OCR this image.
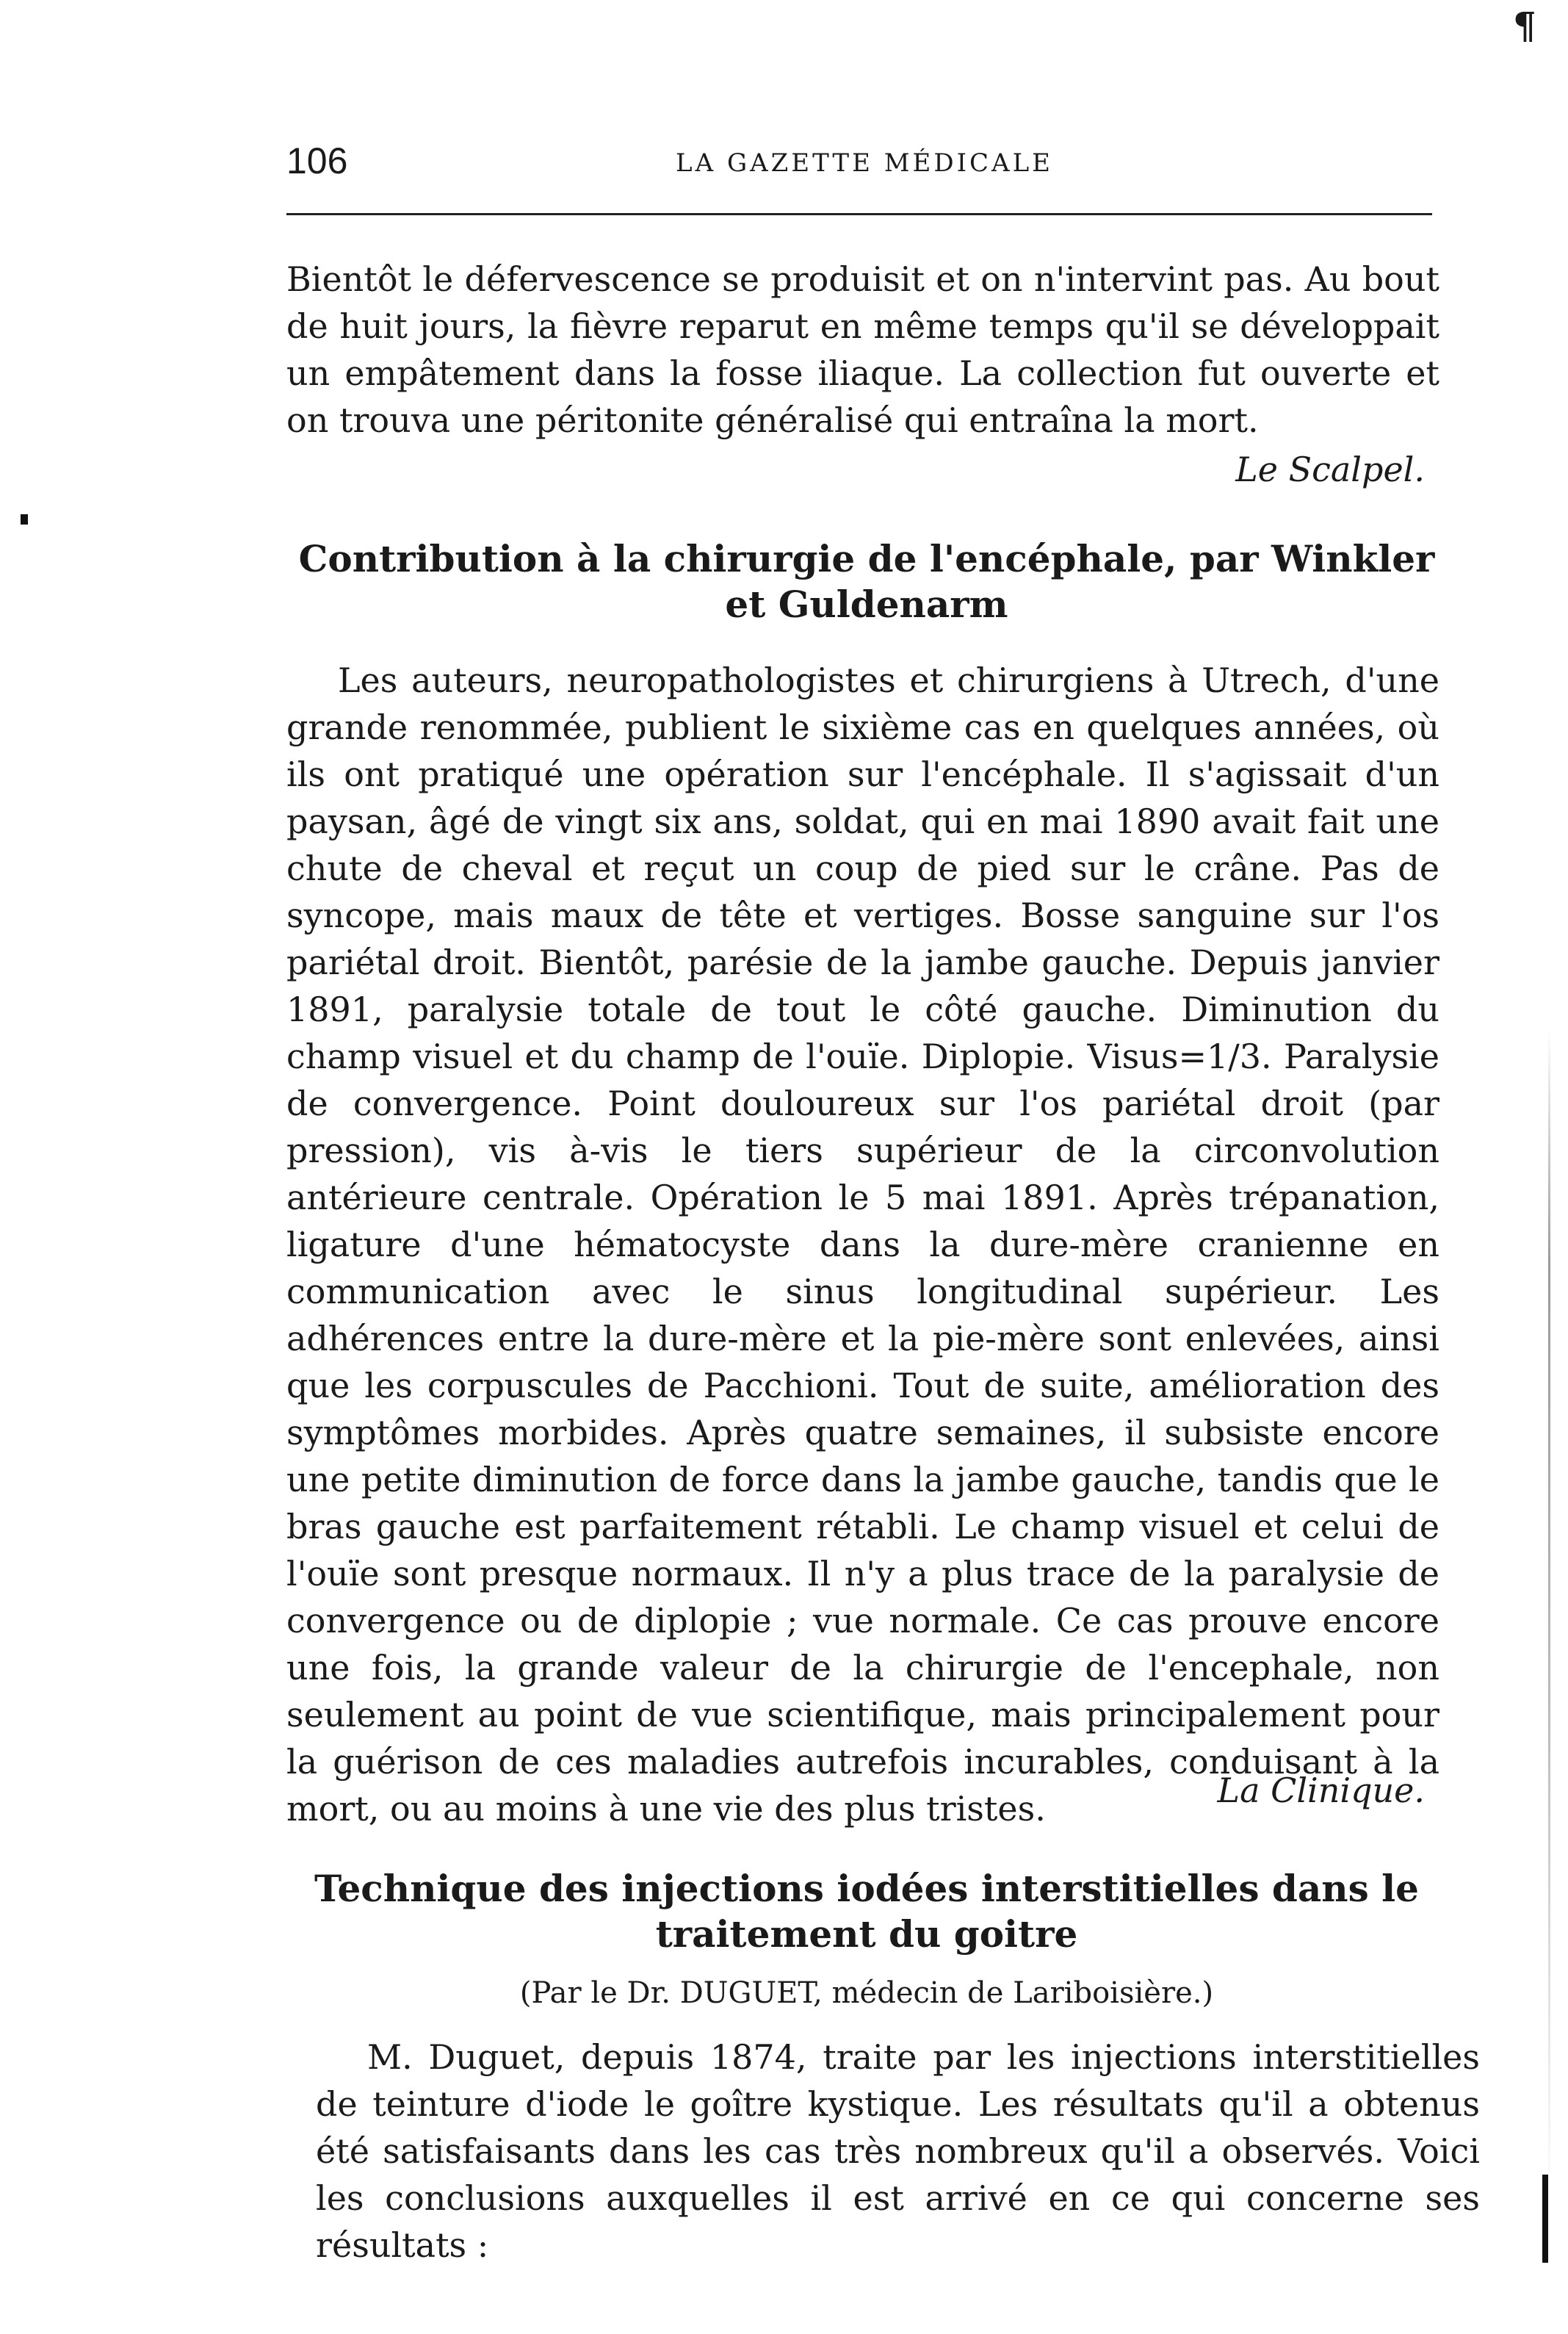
¶
106	LA GAZETTE MÉDICALE

Bientôt le défervescence se produisit et on n'intervint pas. Au bout de huit jours, la fièvre reparut en même temps qu'il se développait un empâtement dans la fosse iliaque. La collection fut ouverte et on trouva une péritonite généralisé qui entraîna la mort.

Le Scalpel.
Contribution à la chirurgie de l'encéphale, par Winkler et Guldenarm

Les auteurs, neuropathologistes et chirurgiens à Utrech, d'une grande renommée, publient le sixième cas en quelques années, où ils ont pratiqué une opération sur l'encéphale. Il s'agissait d'un paysan, âgé de vingt six ans, soldat, qui en mai 1890 avait fait une chute de cheval et reçut un coup de pied sur le crâne. Pas de syncope, mais maux de tête et vertiges. Bosse sanguine sur l'os pariétal droit. Bientôt, parésie de la jambe gauche. Depuis janvier 1891, paralysie totale de tout le côté gauche. Diminution du champ visuel et du champ de l'ouïe. Diplopie. Visus=1/3. Paralysie de convergence. Point douloureux sur l'os pariétal droit (par pression), vis à-vis le tiers supérieur de la circonvolution antérieure centrale. Opération le 5 mai 1891. Après trépanation, ligature d'une hématocyste dans la dure-mère cranienne en communication avec le sinus longitudinal supérieur. Les adhérences entre la dure-mère et la pie-mère sont enlevées, ainsi que les corpuscules de Pacchioni. Tout de suite, amélioration des symptômes morbides. Après quatre semaines, il subsiste encore une petite diminution de force dans la jambe gauche, tandis que le bras gauche est parfaitement rétabli. Le champ visuel et celui de l'ouïe sont presque normaux. Il n'y a plus trace de la paralysie de convergence ou de diplopie ; vue normale. Ce cas prouve encore une fois, la grande valeur de la chirurgie de l'encephale, non seulement au point de vue scientifique, mais principalement pour la guérison de ces maladies autrefois incurables, conduisant à la mort, ou au moins à une vie des plus tristes.	La Clinique.
Technique des injections iodées interstitielles dans le traitement du goitre
(Par le Dr. DUGUET, médecin de Lariboisière.)

M. Duguet, depuis 1874, traite par les injections interstitielles de teinture d'iode le goître kystique. Les résultats qu'il a obtenus été satisfaisants dans les cas très nombreux qu'il a observés. Voici les conclusions auxquelles il est arrivé en ce qui concerne ses résultats :
